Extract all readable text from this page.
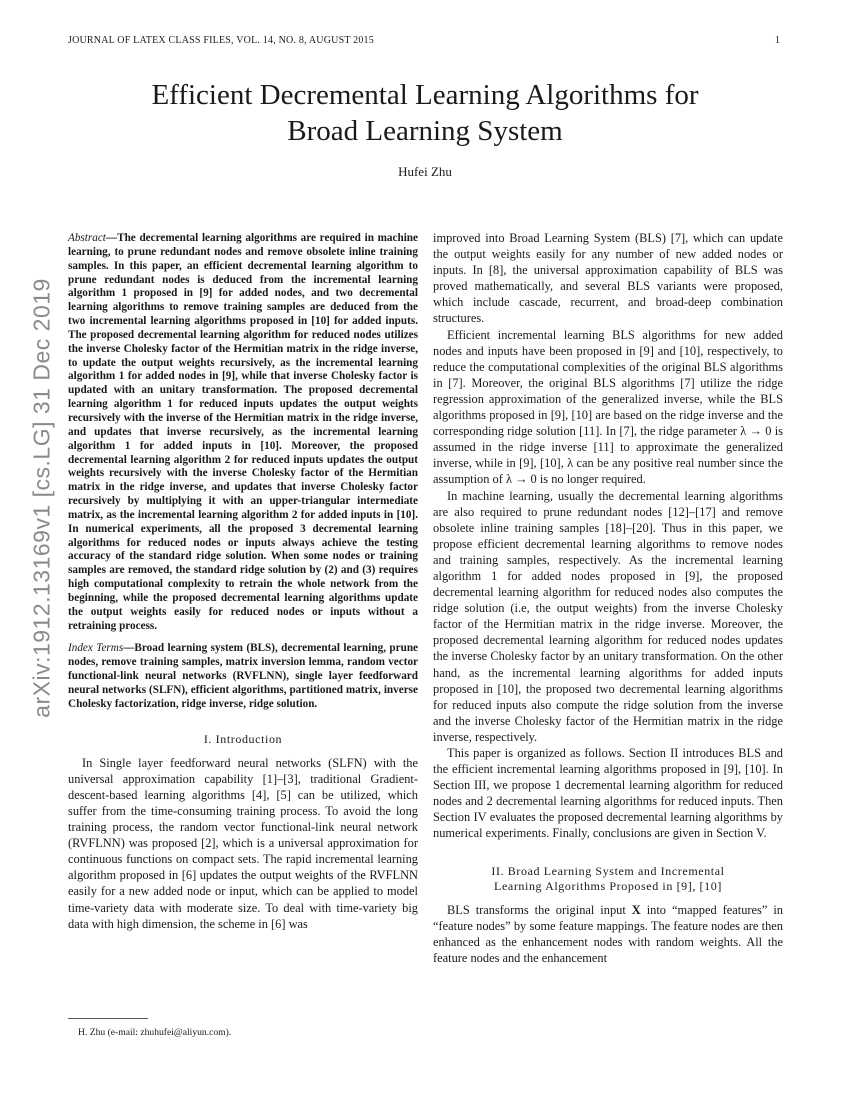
JOURNAL OF LATEX CLASS FILES, VOL. 14, NO. 8, AUGUST 2015	1
Efficient Decremental Learning Algorithms for
Broad Learning System
Hufei Zhu
arXiv:1912.13169v1 [cs.LG] 31 Dec 2019
Abstract—The decremental learning algorithms are required in machine learning, to prune redundant nodes and remove obsolete inline training samples. In this paper, an efficient decremental learning algorithm to prune redundant nodes is deduced from the incremental learning algorithm 1 proposed in [9] for added nodes, and two decremental learning algorithms to remove training samples are deduced from the two incremental learning algorithms proposed in [10] for added inputs. The proposed decremental learning algorithm for reduced nodes utilizes the inverse Cholesky factor of the Hermitian matrix in the ridge inverse, to update the output weights recursively, as the incremental learning algorithm 1 for added nodes in [9], while that inverse Cholesky factor is updated with an unitary transformation. The proposed decremental learning algorithm 1 for reduced inputs updates the output weights recursively with the inverse of the Hermitian matrix in the ridge inverse, and updates that inverse recursively, as the incremental learning algorithm 1 for added inputs in [10]. Moreover, the proposed decremental learning algorithm 2 for reduced inputs updates the output weights recursively with the inverse Cholesky factor of the Hermitian matrix in the ridge inverse, and updates that inverse Cholesky factor recursively by multiplying it with an upper-triangular intermediate matrix, as the incremental learning algorithm 2 for added inputs in [10]. In numerical experiments, all the proposed 3 decremental learning algorithms for reduced nodes or inputs always achieve the testing accuracy of the standard ridge solution. When some nodes or training samples are removed, the standard ridge solution by (2) and (3) requires high computational complexity to retrain the whole network from the beginning, while the proposed decremental learning algorithms update the output weights easily for reduced nodes or inputs without a retraining process.
Index Terms—Broad learning system (BLS), decremental learning, prune nodes, remove training samples, matrix inversion lemma, random vector functional-link neural networks (RVFLNN), single layer feedforward neural networks (SLFN), efficient algorithms, partitioned matrix, inverse Cholesky factorization, ridge inverse, ridge solution.
I. Introduction

In Single layer feedforward neural networks (SLFN) with the universal approximation capability [1]–[3], traditional Gradient-descent-based learning algorithms [4], [5] can be utilized, which suffer from the time-consuming training process. To avoid the long training process, the random vector functional-link neural network (RVFLNN) was proposed [2], which is a universal approximation for continuous functions on compact sets. The rapid incremental learning algorithm proposed in [6] updates the output weights of the RVFLNN easily for a new added node or input, which can be applied to model time-variety data with moderate size. To deal with time-variety big data with high dimension, the scheme in [6] was

improved into Broad Learning System (BLS) [7], which can update the output weights easily for any number of new added nodes or inputs. In [8], the universal approximation capability of BLS was proved mathematically, and several BLS variants were proposed, which include cascade, recurrent, and broad-deep combination structures.

Efficient incremental learning BLS algorithms for new added nodes and inputs have been proposed in [9] and [10], respectively, to reduce the computational complexities of the original BLS algorithms in [7]. Moreover, the original BLS algorithms [7] utilize the ridge regression approximation of the generalized inverse, while the BLS algorithms proposed in [9], [10] are based on the ridge inverse and the corresponding ridge solution [11]. In [7], the ridge parameter λ → 0 is assumed in the ridge inverse [11] to approximate the generalized inverse, while in [9], [10], λ can be any positive real number since the assumption of λ → 0 is no longer required.

In machine learning, usually the decremental learning algorithms are also required to prune redundant nodes [12]–[17] and remove obsolete inline training samples [18]–[20]. Thus in this paper, we propose efficient decremental learning algorithms to remove nodes and training samples, respectively. As the incremental learning algorithm 1 for added nodes proposed in [9], the proposed decremental learning algorithm for reduced nodes also computes the ridge solution (i.e, the output weights) from the inverse Cholesky factor of the Hermitian matrix in the ridge inverse. Moreover, the proposed decremental learning algorithm for reduced nodes updates the inverse Cholesky factor by an unitary transformation. On the other hand, as the incremental learning algorithms for added inputs proposed in [10], the proposed two decremental learning algorithms for reduced inputs also compute the ridge solution from the inverse and the inverse Cholesky factor of the Hermitian matrix in the ridge inverse, respectively.

This paper is organized as follows. Section II introduces BLS and the efficient incremental learning algorithms proposed in [9], [10]. In Section III, we propose 1 decremental learning algorithm for reduced nodes and 2 decremental learning algorithms for reduced inputs. Then Section IV evaluates the proposed decremental learning algorithms by numerical experiments. Finally, conclusions are given in Section V.

II. Broad Learning System and Incremental
Learning Algorithms Proposed in [9], [10]

BLS transforms the original input X into “mapped features” in “feature nodes” by some feature mappings. The feature nodes are then enhanced as the enhancement nodes with random weights. All the feature nodes and the enhancement

H. Zhu (e-mail: zhuhufei@aliyun.com).
